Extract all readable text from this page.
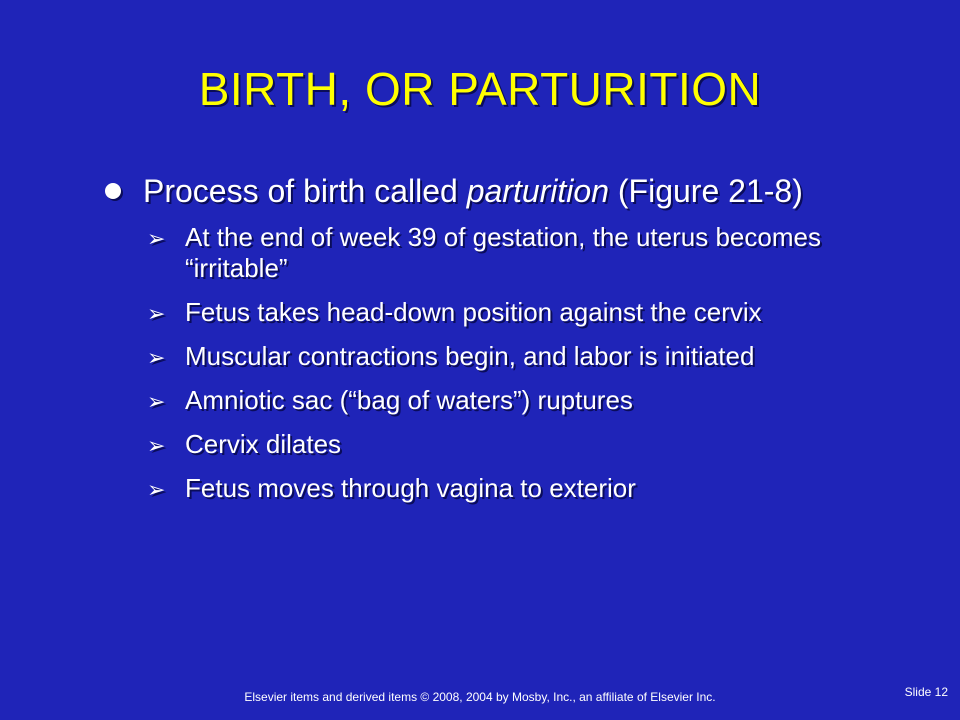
BIRTH, OR PARTURITION
Process of birth called parturition (Figure 21-8)
➢ At the end of week 39 of gestation, the uterus becomes “irritable”
➢ Fetus takes head-down position against the cervix
➢ Muscular contractions begin, and labor is initiated
➢ Amniotic sac (“bag of waters”) ruptures
➢ Cervix dilates
➢ Fetus moves through vagina to exterior
Elsevier items and derived items © 2008, 2004 by Mosby, Inc., an affiliate of Elsevier Inc.	Slide 12
